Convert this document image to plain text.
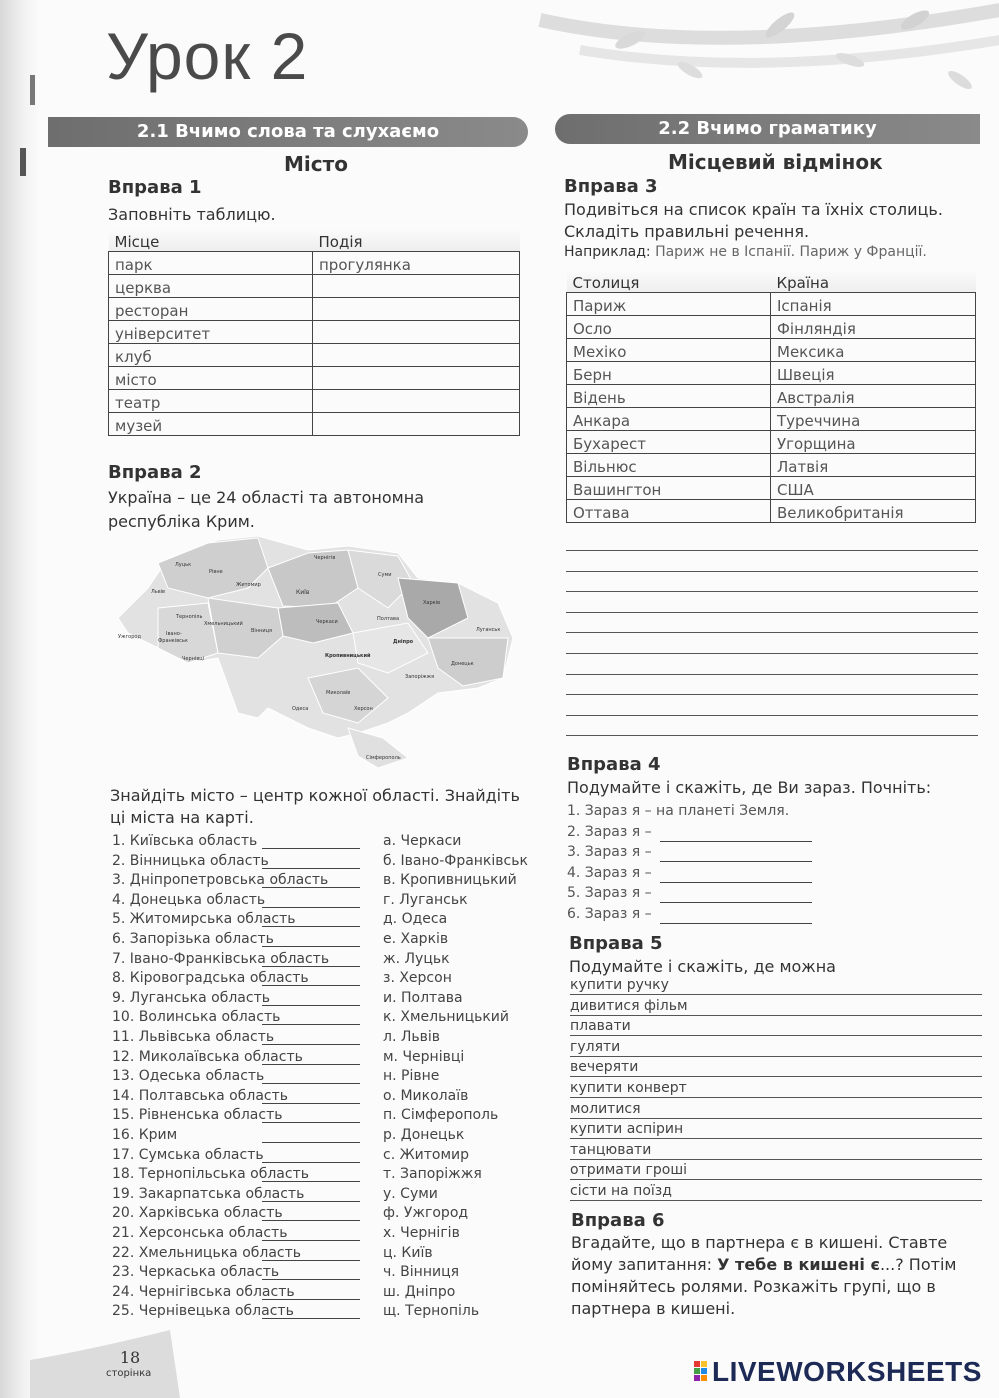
Урок 2
2.1 Вчимо слова та слухаємо
Місто
Вправа 1
Заповніть таблицю.
Місце	Подія
парк	прогулянка
церква	
ресторан	
університет	
клуб	
місто	
театр	
музей	
Вправа 2
Україна – це 24 області та автономна
республіка Крим.
Луцьк
Рівне
Житомир
Київ
Чернігів
Суми
Харків
Львів
Тернопіль
Хмельницький
Вінниця
Ужгород	Івано-
Франківськ
Чернівці
Черкаси	Полтава
Луганськ
Дніпро
Кропивницький
Донецьк
Запоріжжя
Миколаїв
Одеса	Херсон
Сімферополь
Знайдіть місто – центр кожної області. Знайдіть
ці міста на карті.
1. Київська область
2. Вінницька область
3. Дніпропетровська область
4. Донецька область
5. Житомирська область
6. Запорізька область
7. Івано-Франківська область
8. Кіровоградська область
9. Луганська область
10. Волинська область
11. Львівська область
12. Миколаївська область
13. Одеська область
14. Полтавська область
15. Рівненська область
16. Крим
17. Сумська область
18. Тернопільська область
19. Закарпатська область
20. Харківська область
21. Херсонська область
22. Хмельницька область
23. Черкаська область
24. Чернігівська область
25. Чернівецька область
а. Черкаси
б. Івано-Франківськ
в. Кропивницький
г. Луганськ
д. Одеса
е. Харків
ж. Луцьк
з. Херсон
и. Полтава
к. Хмельницький
л. Львів
м. Чернівці
н. Рівне
о. Миколаїв
п. Сімферополь
р. Донецьк
с. Житомир
т. Запоріжжя
у. Суми
ф. Ужгород
х. Чернігів
ц. Київ
ч. Вінниця
ш. Дніпро
щ. Тернопіль
2.2 Вчимо граматику
Місцевий відмінок
Вправа 3
Подивіться на список країн та їхніх столиць.
Складіть правильні речення.
Наприклад: Париж не в Іспанії. Париж у Франції.
Столиця	Країна
Париж	Іспанія
Осло	Фінляндія
Мехіко	Мексика
Берн	Швеція
Відень	Австралія
Анкара	Туреччина
Бухарест	Угорщина
Вільнюс	Латвія
Вашингтон	США
Оттава	Великобританія
Вправа 4
Подумайте і скажіть, де Ви зараз. Почніть:
1. Зараз я – на планеті Земля.
2. Зараз я –
3. Зараз я –
4. Зараз я –
5. Зараз я –
6. Зараз я –
Вправа 5
Подумайте і скажіть, де можна
купити ручку
дивитися фільм
плавати
гуляти
вечеряти
купити конверт
молитися
купити аспірин
танцювати
отримати гроші
сісти на поїзд
Вправа 6
Вгадайте, що в партнера є в кишені. Ставте
йому запитання: У тебе в кишені є...? Потім
поміняйтесь ролями. Розкажіть групі, що в
партнера в кишені.
18
сторінка	LIVEWORKSHEETS
